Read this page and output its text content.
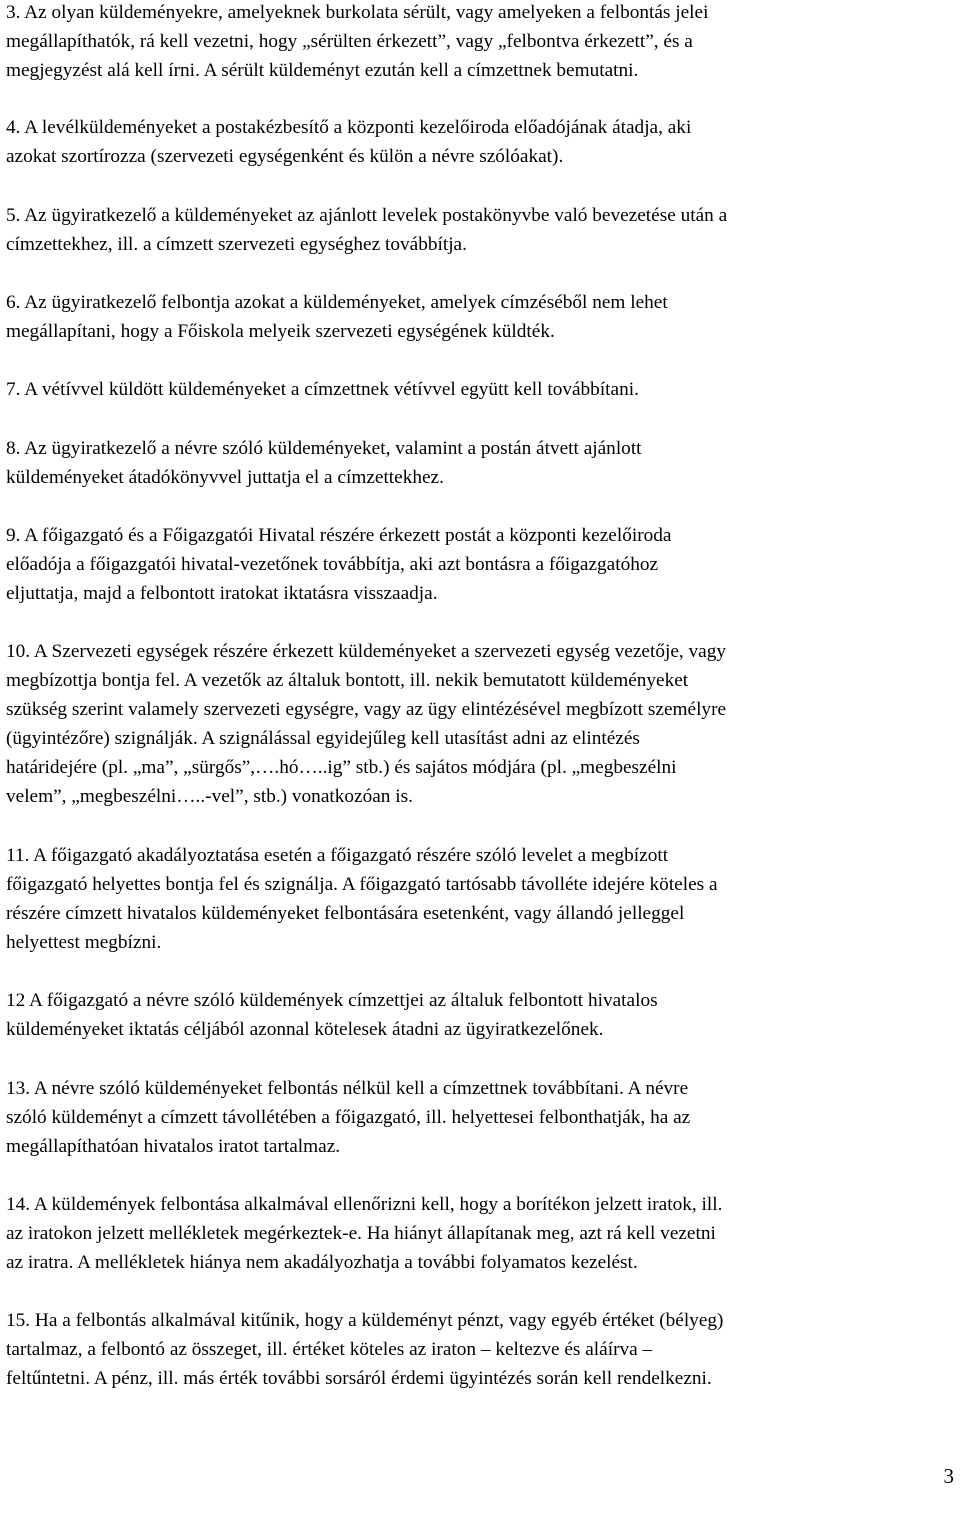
3. Az olyan küldeményekre, amelyeknek burkolata sérült, vagy amelyeken a felbontás jelei
megállapíthatók, rá kell vezetni, hogy „sérülten érkezett”, vagy „felbontva érkezett”, és a
megjegyzést alá kell írni. A sérült küldeményt ezután kell a címzettnek bemutatni.
4. A levélküldeményeket a postakézbesítő a központi kezelőiroda előadójának átadja, aki
azokat szortírozza (szervezeti egységenként és külön a névre szólóakat).
5. Az ügyiratkezelő a küldeményeket az ajánlott levelek postakönyvbe való bevezetése után a
címzettekhez, ill. a címzett szervezeti egységhez továbbítja.
6. Az ügyiratkezelő felbontja azokat a küldeményeket, amelyek címzéséből nem lehet
megállapítani, hogy a Főiskola melyeik szervezeti egységének küldték.
7. A vétívvel küldött küldeményeket a címzettnek vétívvel együtt kell továbbítani.
8. Az ügyiratkezelő a névre szóló küldeményeket, valamint a postán átvett ajánlott
küldeményeket átadókönyvvel juttatja el a címzettekhez.
9. A főigazgató és a Főigazgatói Hivatal részére érkezett postát a központi kezelőiroda
előadója a főigazgatói hivatal-vezetőnek továbbítja, aki azt bontásra a főigazgatóhoz
eljuttatja, majd a felbontott iratokat iktatásra visszaadja.
10. A Szervezeti egységek részére érkezett küldeményeket a szervezeti egység vezetője, vagy
megbízottja bontja fel. A vezetők az általuk bontott, ill. nekik bemutatott küldeményeket
szükség szerint valamely szervezeti egységre, vagy az ügy elintézésével megbízott személyre
(ügyintézőre) szignálják. A szignálással egyidejűleg kell utasítást adni az elintézés
határidejére (pl. „ma”, „sürgős”,….hó…..ig” stb.) és sajátos módjára (pl. „megbeszélni
velem”, „megbeszélni…..-vel”, stb.) vonatkozóan is.
11. A főigazgató akadályoztatása esetén a főigazgató részére szóló levelet a megbízott
főigazgató helyettes bontja fel és szignálja. A főigazgató tartósabb távolléte idejére köteles a
részére címzett hivatalos küldeményeket felbontására esetenként, vagy állandó jelleggel
helyettest megbízni.
12 A főigazgató a névre szóló küldemények címzettjei az általuk felbontott hivatalos
küldeményeket iktatás céljából azonnal kötelesek átadni az ügyiratkezelőnek.
13. A névre szóló küldeményeket felbontás nélkül kell a címzettnek továbbítani. A névre
szóló küldeményt a címzett távollétében a főigazgató, ill. helyettesei felbonthatják, ha az
megállapíthatóan hivatalos iratot tartalmaz.
14. A küldemények felbontása alkalmával ellenőrizni kell, hogy a borítékon jelzett iratok, ill.
az iratokon jelzett mellékletek megérkeztek-e. Ha hiányt állapítanak meg, azt rá kell vezetni
az iratra. A mellékletek hiánya nem akadályozhatja a további folyamatos kezelést.
15. Ha a felbontás alkalmával kitűnik, hogy a küldeményt pénzt, vagy egyéb értéket (bélyeg)
tartalmaz, a felbontó az összeget, ill. értéket köteles az iraton – keltezve és aláírva –
feltűntetni. A pénz, ill. más érték további sorsáról érdemi ügyintézés során kell rendelkezni.
3
